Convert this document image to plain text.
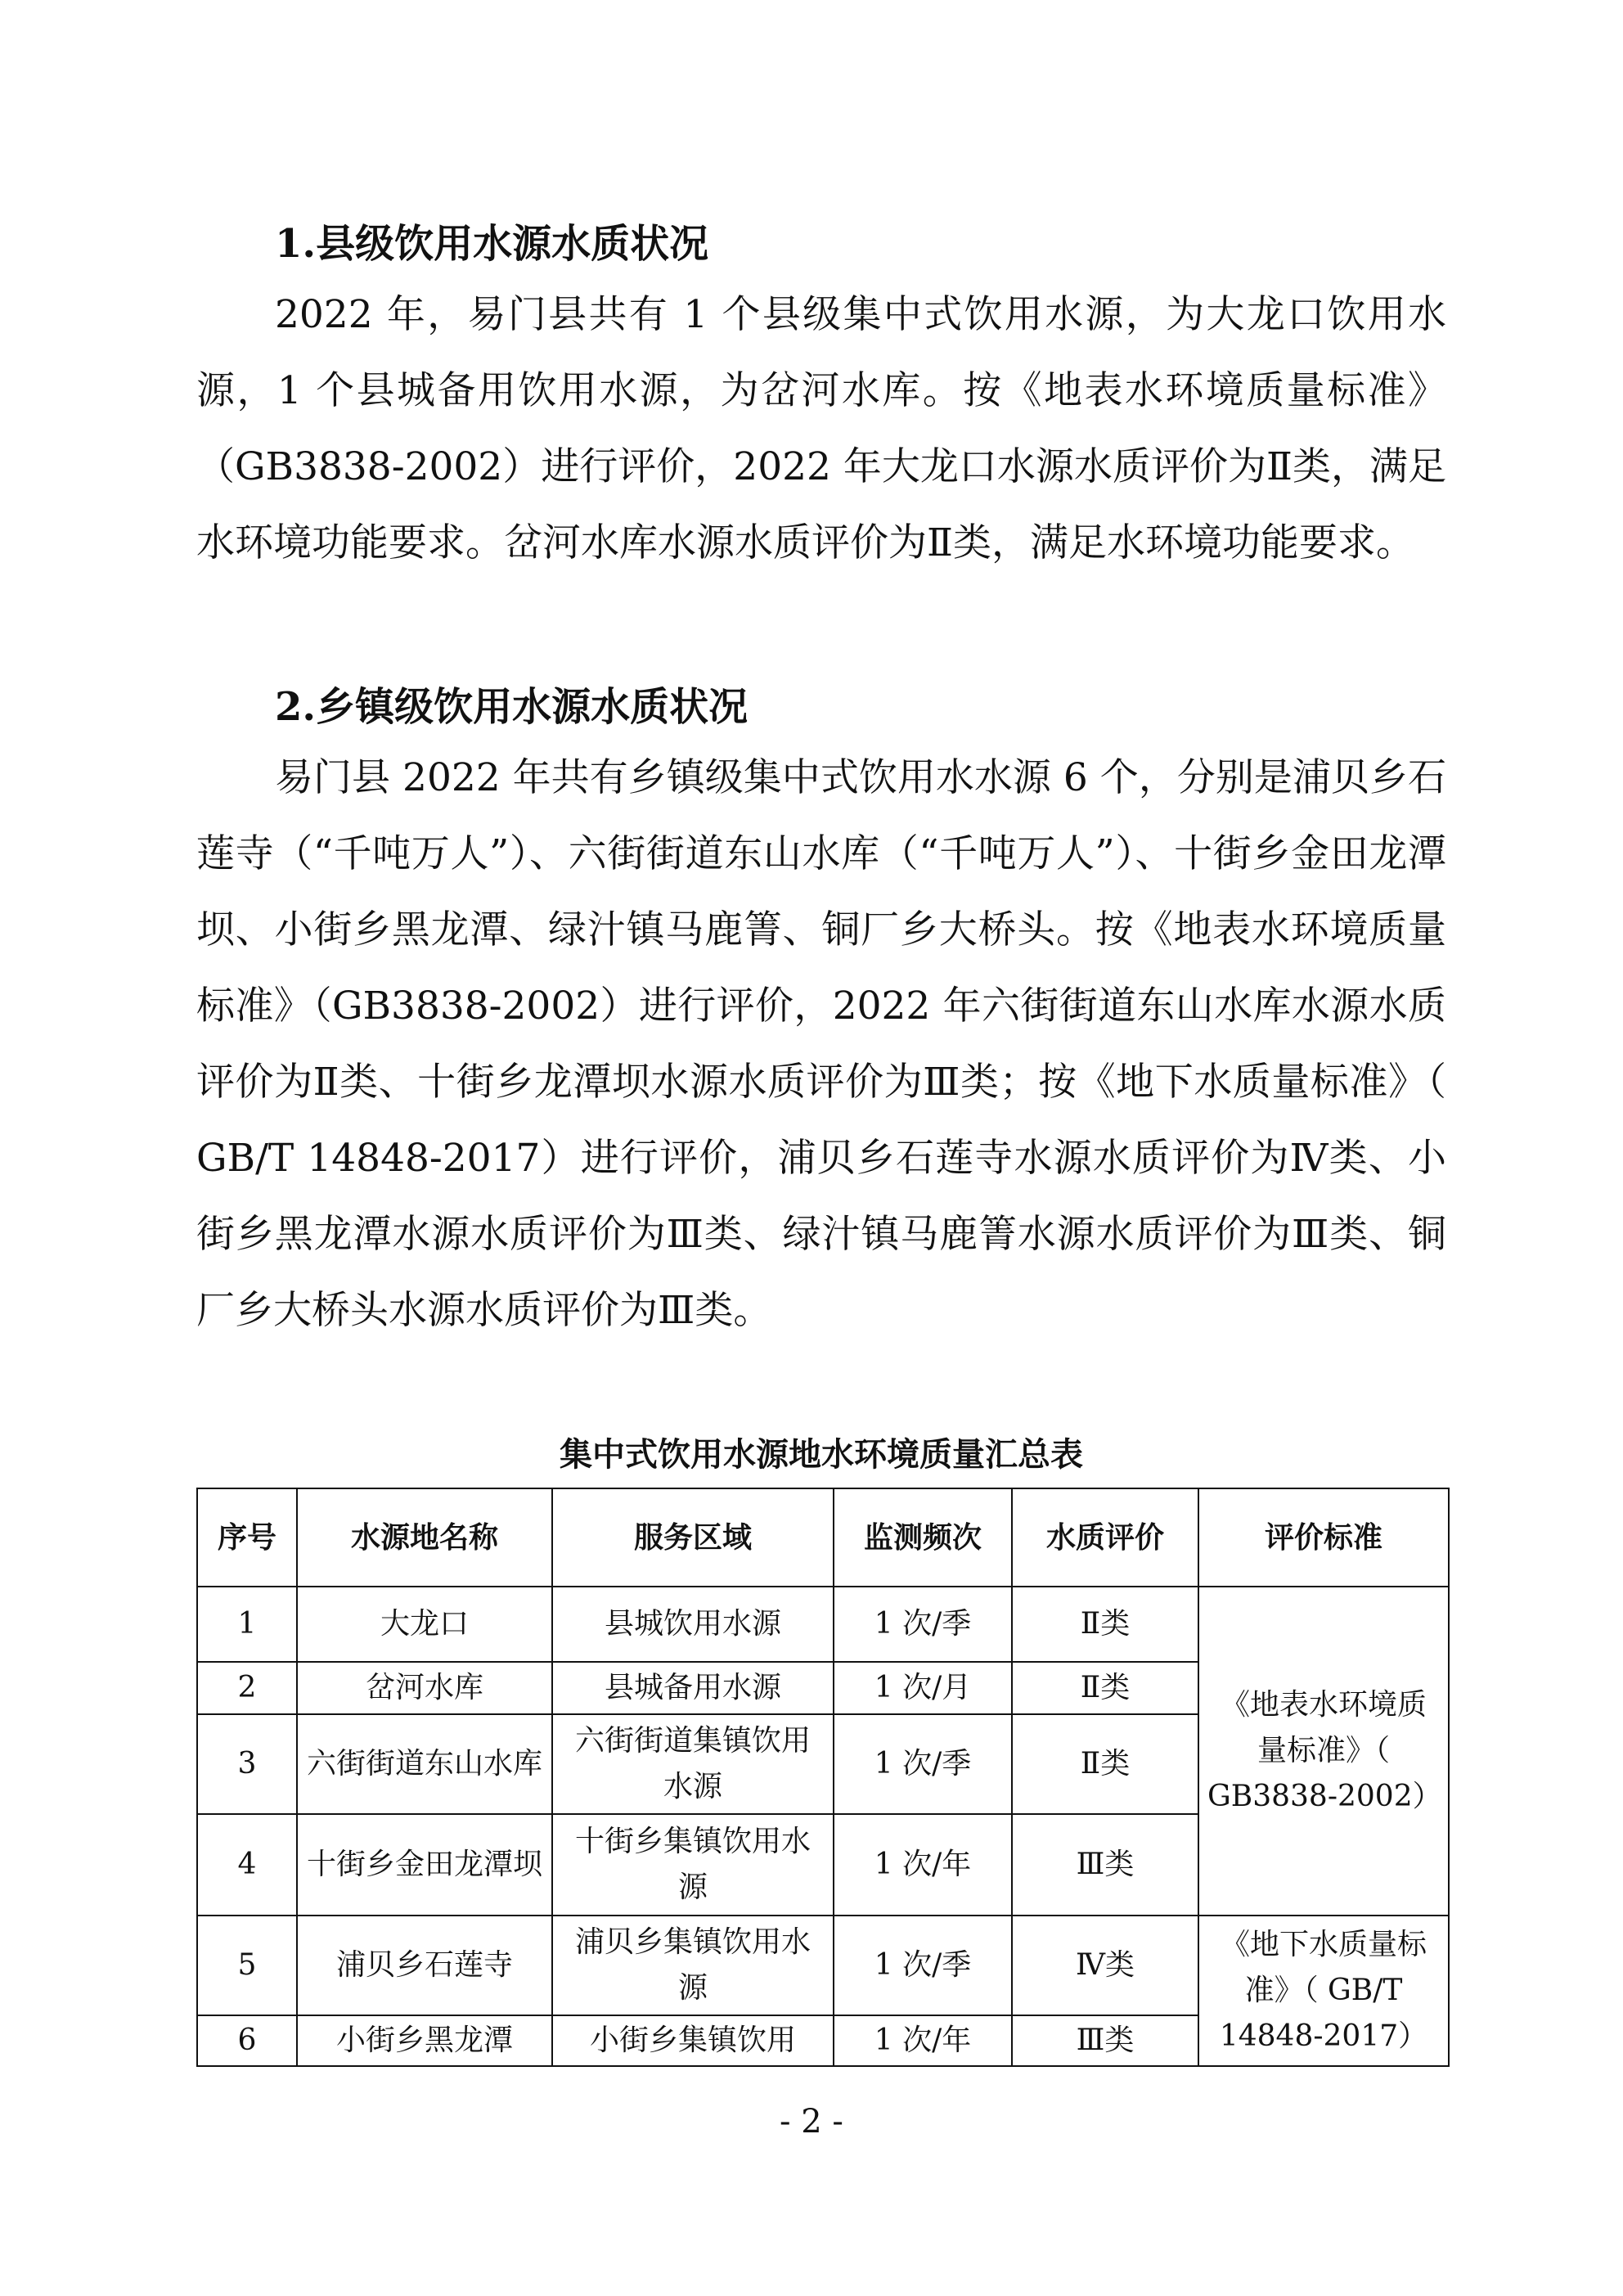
1.县级饮用水源水质状况

2022 年，易门县共有 1 个县级集中式饮用水源，为大龙口饮用水源，1 个县城备用饮用水源，为岔河水库。按《地表水环境质量标准》（GB3838-2002）进行评价，2022 年大龙口水源水质评价为Ⅱ类，满足水环境功能要求。岔河水库水源水质评价为Ⅱ类，满足水环境功能要求。

2.乡镇级饮用水源水质状况

易门县 2022 年共有乡镇级集中式饮用水水源 6 个，分别是浦贝乡石莲寺（“千吨万人”）、六街街道东山水库（“千吨万人”）、十街乡金田龙潭坝、小街乡黑龙潭、绿汁镇马鹿箐、铜厂乡大桥头。按《地表水环境质量标准》（GB3838-2002）进行评价，2022 年六街街道东山水库水源水质评价为Ⅱ类、十街乡龙潭坝水源水质评价为Ⅲ类；按《地下水质量标准》（ GB/T 14848-2017）进行评价，浦贝乡石莲寺水源水质评价为Ⅳ类、小街乡黑龙潭水源水质评价为Ⅲ类、绿汁镇马鹿箐水源水质评价为Ⅲ类、铜厂乡大桥头水源水质评价为Ⅲ类。

集中式饮用水源地水环境质量汇总表
序号	水源地名称	服务区域	监测频次	水质评价	评价标准
1	大龙口	县城饮用水源	1 次/季	Ⅱ类	《地表水环境质量标准》（ GB3838-2002）
2	岔河水库	县城备用水源	1 次/月	Ⅱ类	
3	六街街道东山水库	六街街道集镇饮用水源	1 次/季	Ⅱ类	
4	十街乡金田龙潭坝	十街乡集镇饮用水源	1 次/年	Ⅲ类	
5	浦贝乡石莲寺	浦贝乡集镇饮用水源	1 次/季	Ⅳ类	《地下水质量标准》（ GB/T 14848-2017）
6	小街乡黑龙潭	小街乡集镇饮用	1 次/年	Ⅲ类	
- 2 -
